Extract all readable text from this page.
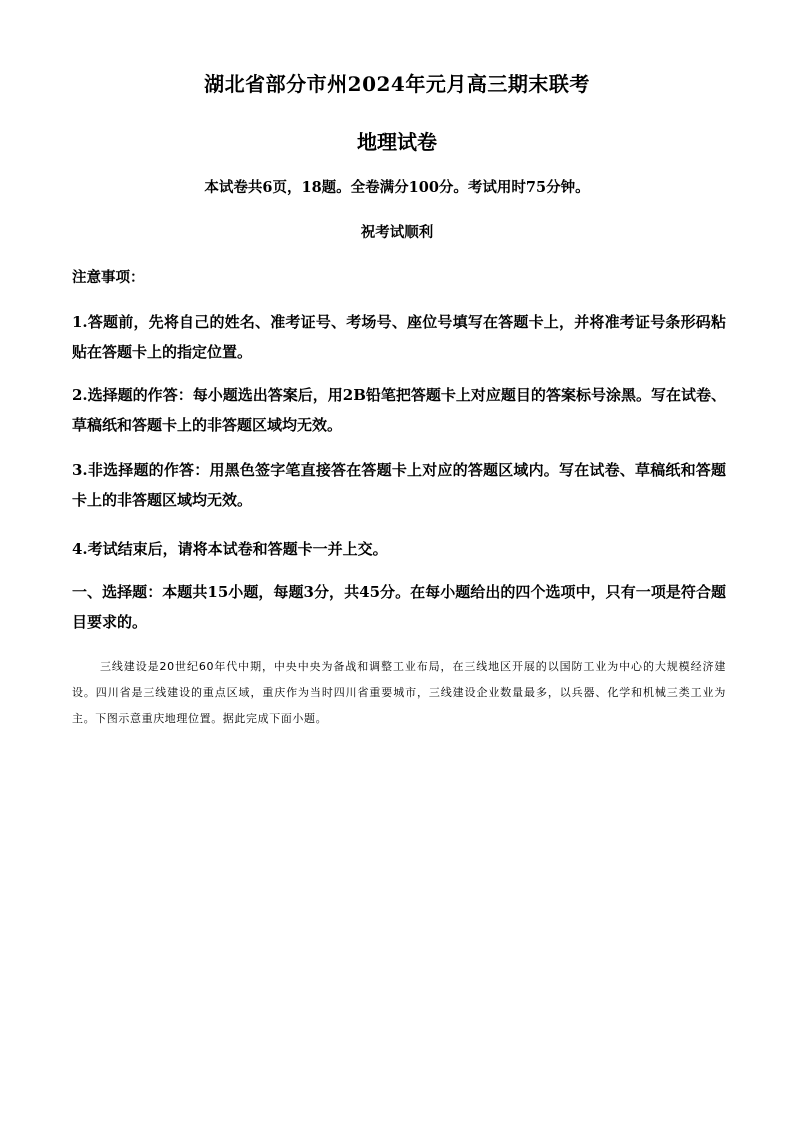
湖北省部分市州2024年元月高三期末联考
地理试卷
本试卷共6页，18题。全卷满分100分。考试用时75分钟。
祝考试顺利
注意事项：
1.答题前，先将自己的姓名、准考证号、考场号、座位号填写在答题卡上，并将准考证号条形码粘贴在答题卡上的指定位置。
2.选择题的作答：每小题选出答案后，用2B铅笔把答题卡上对应题目的答案标号涂黑。写在试卷、草稿纸和答题卡上的非答题区域均无效。
3.非选择题的作答：用黑色签字笔直接答在答题卡上对应的答题区域内。写在试卷、草稿纸和答题卡上的非答题区域均无效。
4.考试结束后，请将本试卷和答题卡一并上交。
一、选择题：本题共15小题，每题3分，共45分。在每小题给出的四个选项中，只有一项是符合题目要求的。
三线建设是20世纪60年代中期，中央中央为备战和调整工业布局，在三线地区开展的以国防工业为中心的大规模经济建设。四川省是三线建设的重点区域，重庆作为当时四川省重要城市，三线建设企业数量最多，以兵器、化学和机械三类工业为主。下图示意重庆地理位置。据此完成下面小题。
